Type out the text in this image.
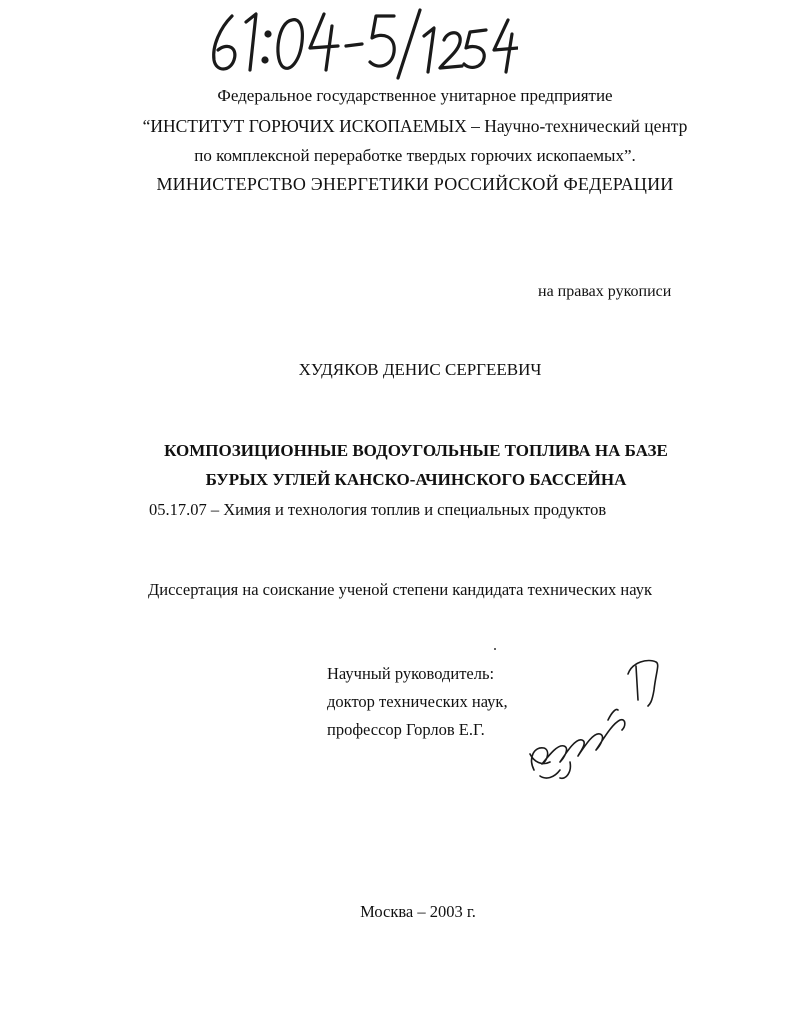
Федеральное государственное унитарное предприятие
“ИНСТИТУТ ГОРЮЧИХ ИСКОПАЕМЫХ – Научно-технический центр
по комплексной переработке твердых горючих ископаемых”.
МИНИСТЕРСТВО ЭНЕРГЕТИКИ РОССИЙСКОЙ ФЕДЕРАЦИИ
на правах рукописи
ХУДЯКОВ ДЕНИС СЕРГЕЕВИЧ
КОМПОЗИЦИОННЫЕ ВОДОУГОЛЬНЫЕ ТОПЛИВА НА БАЗЕ
БУРЫХ УГЛЕЙ КАНСКО-АЧИНСКОГО БАССЕЙНА
05.17.07 – Химия и технология топлив и специальных продуктов
Диссертация на соискание ученой степени кандидата технических наук
Научный руководитель:
доктор технических наук,
профессор Горлов Е.Г.
Москва – 2003 г.
